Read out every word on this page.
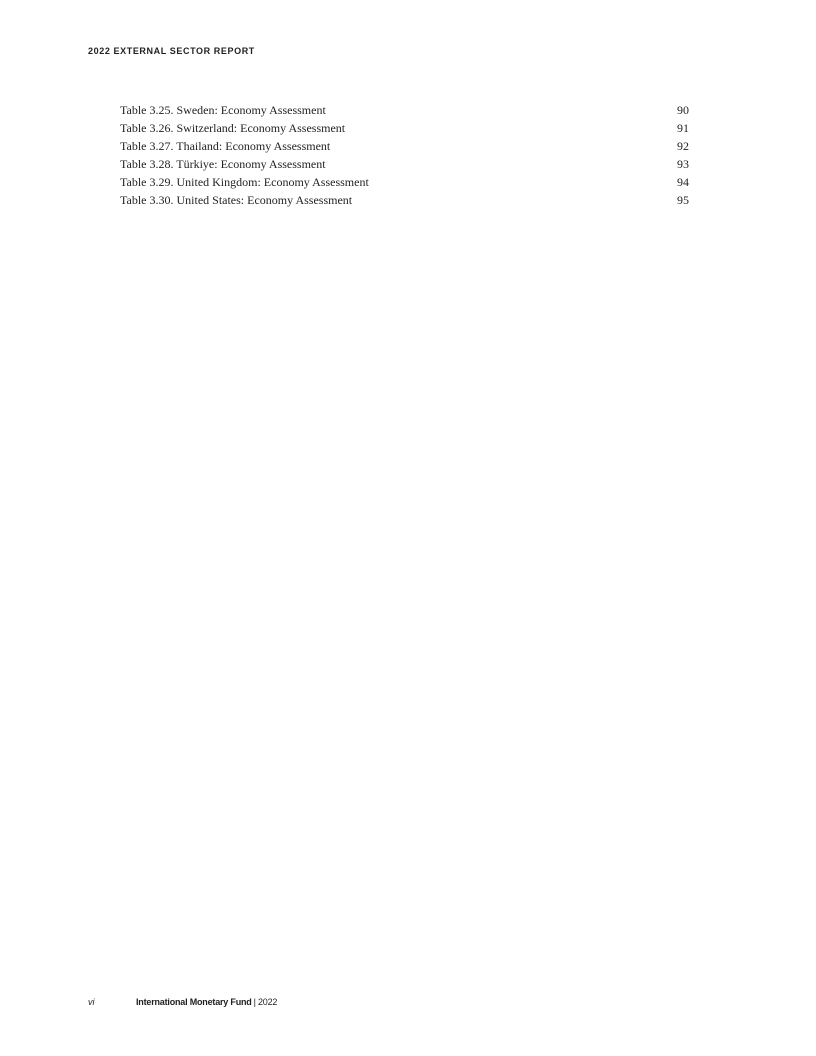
2022 EXTERNAL SECTOR REPORT
Table 3.25. Sweden: Economy Assessment	90
Table 3.26. Switzerland: Economy Assessment	91
Table 3.27. Thailand: Economy Assessment	92
Table 3.28. Türkiye: Economy Assessment	93
Table 3.29. United Kingdom: Economy Assessment	94
Table 3.30. United States: Economy Assessment	95
vi	International Monetary Fund | 2022
